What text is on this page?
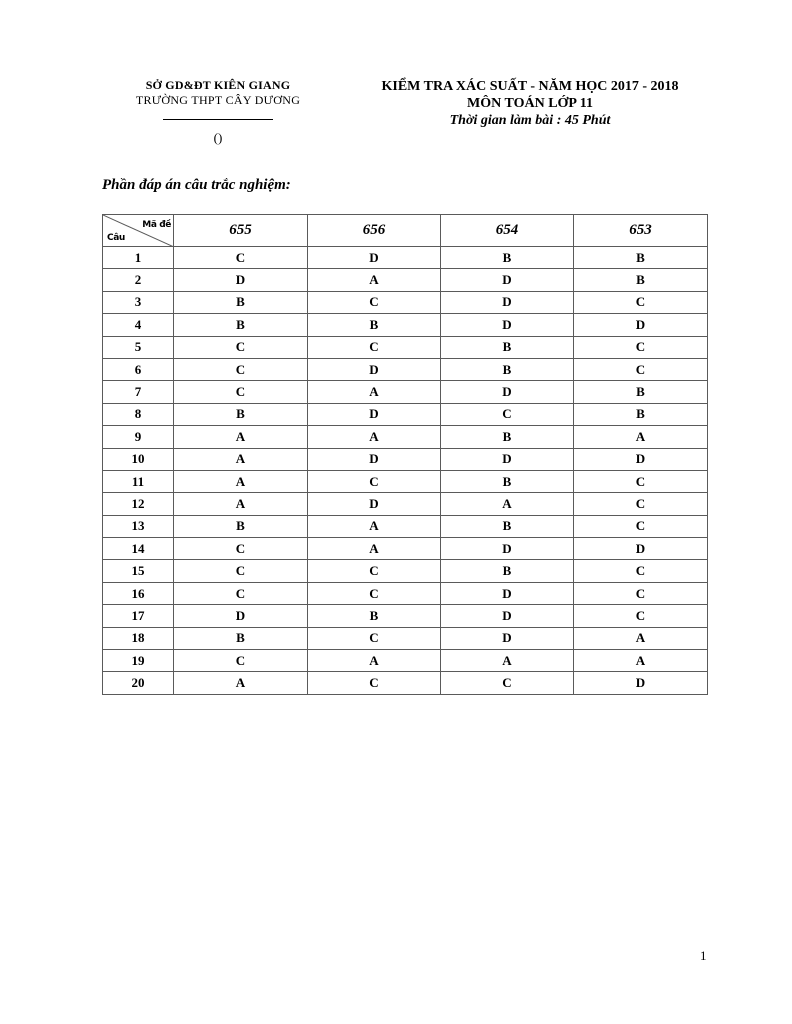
SỞ GD&ĐT KIÊN GIANG
TRƯỜNG THPT CÂY DƯƠNG
()
KIỂM TRA XÁC SUẤT - NĂM HỌC 2017 - 2018
MÔN TOÁN LỚP 11
Thời gian làm bài : 45 Phút
Phần đáp án câu trắc nghiệm:
Mã đề
Câu	655	656	654	653
1	C	D	B	B
2	D	A	D	B
3	B	C	D	C
4	B	B	D	D
5	C	C	B	C
6	C	D	B	C
7	C	A	D	B
8	B	D	C	B
9	A	A	B	A
10	A	D	D	D
11	A	C	B	C
12	A	D	A	C
13	B	A	B	C
14	C	A	D	D
15	C	C	B	C
16	C	C	D	C
17	D	B	D	C
18	B	C	D	A
19	C	A	A	A
20	A	C	C	D
1
